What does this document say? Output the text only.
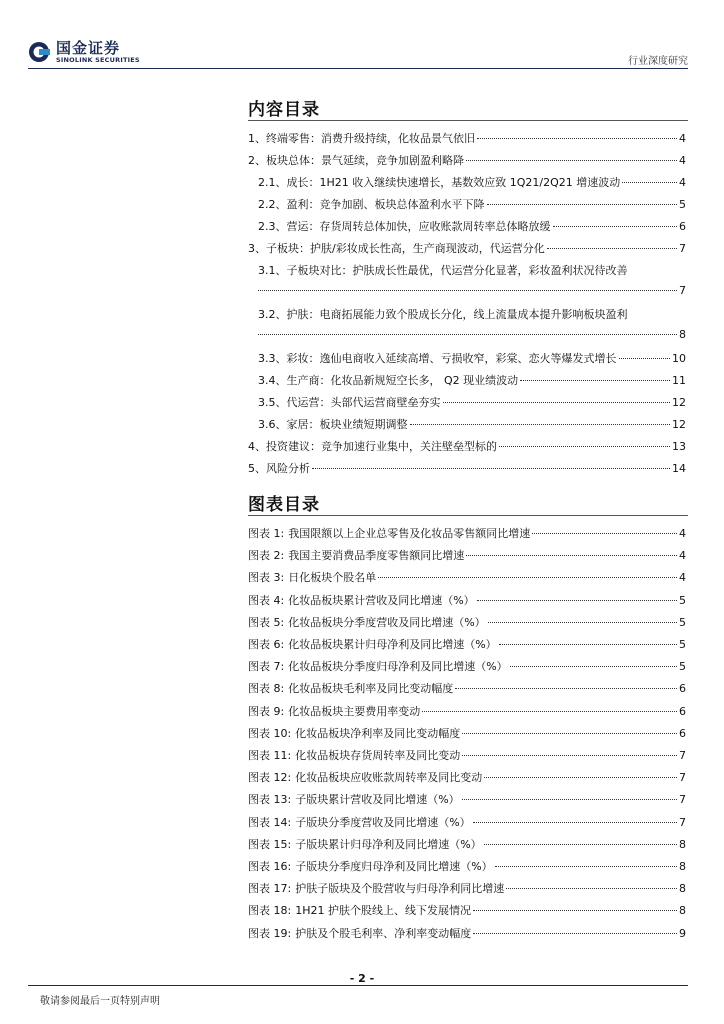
国金证券
SINOLINK SECURITIES	行业深度研究
内容目录
1、终端零售：消费升级持续，化妆品景气依旧	4
2、板块总体：景气延续，竞争加剧盈利略降	4
2.1、成长：1H21 收入继续快速增长，基数效应致 1Q21/2Q21 增速波动	4
2.2、盈利：竞争加剧、板块总体盈利水平下降	5
2.3、营运：存货周转总体加快，应收账款周转率总体略放缓	6
3、子板块：护肤/彩妆成长性高，生产商现波动，代运营分化	7
3.1、子板块对比：护肤成长性最优，代运营分化显著，彩妆盈利状况待改善
7
3.2、护肤：电商拓展能力致个股成长分化，线上流量成本提升影响板块盈利
8
3.3、彩妆：逸仙电商收入延续高增、亏损收窄，彩棠、恋火等爆发式增长	10
3.4、生产商：化妆品新规短空长多， Q2 现业绩波动	11
3.5、代运营：头部代运营商壁垒夯实	12
3.6、家居：板块业绩短期调整	12
4、投资建议：竞争加速行业集中，关注壁垒型标的	13
5、风险分析	14
图表目录
图表 1: 我国限额以上企业总零售及化妆品零售额同比增速	4
图表 2: 我国主要消费品季度零售额同比增速	4
图表 3: 日化板块个股名单	4
图表 4: 化妆品板块累计营收及同比增速（%）	5
图表 5: 化妆品板块分季度营收及同比增速（%）	5
图表 6: 化妆品板块累计归母净利及同比增速（%）	5
图表 7: 化妆品板块分季度归母净利及同比增速（%）	5
图表 8: 化妆品板块毛利率及同比变动幅度	6
图表 9: 化妆品板块主要费用率变动	6
图表 10: 化妆品板块净利率及同比变动幅度	6
图表 11: 化妆品板块存货周转率及同比变动	7
图表 12: 化妆品板块应收账款周转率及同比变动	7
图表 13: 子版块累计营收及同比增速（%）	7
图表 14: 子版块分季度营收及同比增速（%）	7
图表 15: 子版块累计归母净利及同比增速（%）	8
图表 16: 子版块分季度归母净利及同比增速（%）	8
图表 17: 护肤子版块及个股营收与归母净利同比增速	8
图表 18: 1H21 护肤个股线上、线下发展情况	8
图表 19: 护肤及个股毛利率、净利率变动幅度	9
- 2 -
敬请参阅最后一页特别声明
